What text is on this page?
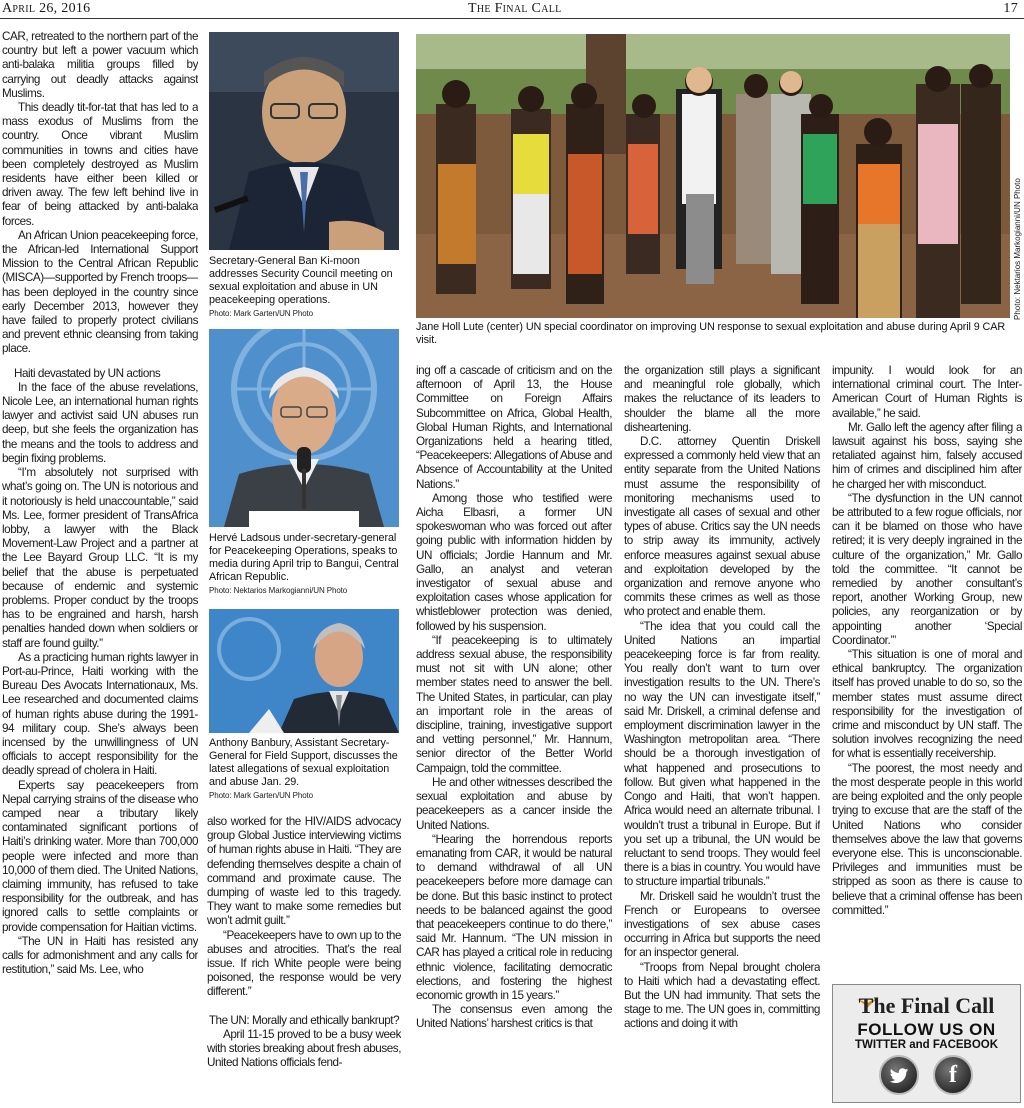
April 26, 2016	The Final Call	17

CAR, retreated to the northern part of the country but left a power vacuum which anti-balaka militia groups filled by carrying out deadly attacks against Muslims.

This deadly tit-for-tat that has led to a mass exodus of Muslims from the country. Once vibrant Muslim communities in towns and cities have been completely destroyed as Muslim residents have either been killed or driven away. The few left behind live in fear of being attacked by anti-balaka forces.

An African Union peacekeeping force, the African-led International Support Mission to the Central African Republic (MISCA)—supported by French troops—has been deployed in the country since early December 2013, however they have failed to properly protect civilians and prevent ethnic cleansing from taking place.

Haiti devastated by UN actions

In the face of the abuse revelations, Nicole Lee, an international human rights lawyer and activist said UN abuses run deep, but she feels the organization has the means and the tools to address and begin fixing problems.

“I’m absolutely not surprised with what’s going on. The UN is notorious and it notoriously is held unaccountable,” said Ms. Lee, former president of TransAfrica lobby, a lawyer with the Black Movement-Law Project and a partner at the Lee Bayard Group LLC. “It is my belief that the abuse is perpetuated because of endemic and systemic problems. Proper conduct by the troops has to be engrained and harsh, harsh penalties handed down when soldiers or staff are found guilty.”

As a practicing human rights lawyer in Port-au-Prince, Haiti working with the Bureau Des Avocats Internationaux, Ms. Lee researched and documented claims of human rights abuse during the 1991-94 military coup. She’s always been incensed by the unwillingness of UN officials to accept responsibility for the deadly spread of cholera in Haiti.

Experts say peacekeepers from Nepal carrying strains of the disease who camped near a tributary likely contaminated significant portions of Haiti’s drinking water. More than 700,000 people were infected and more than 10,000 of them died. The United Nations, claiming immunity, has refused to take responsibility for the outbreak, and has ignored calls to settle complaints or provide compensation for Haitian victims.

“The UN in Haiti has resisted any calls for admonishment and any calls for restitution,” said Ms. Lee, who

Secretary-General Ban Ki-moon addresses Security Council meeting on sexual exploitation and abuse in UN peacekeeping operations.
Photo: Mark Garten/UN Photo
Hervé Ladsous under-secretary-general for Peacekeeping Operations, speaks to media during April trip to Bangui, Central African Republic.
Photo: Nektarios Markogianni/UN Photo
Anthony Banbury, Assistant Secretary-General for Field Support, discusses the latest allegations of sexual exploitation and abuse Jan. 29.
Photo: Mark Garten/UN Photo

also worked for the HIV/AIDS advocacy group Global Justice interviewing victims of human rights abuse in Haiti. “They are defending themselves despite a chain of command and proximate cause. The dumping of waste led to this tragedy. They want to make some remedies but won’t admit guilt.”

“Peacekeepers have to own up to the abuses and atrocities. That’s the real issue. If rich White people were being poisoned, the response would be very different.”

The UN: Morally and ethically bankrupt?

April 11-15 proved to be a busy week with stories breaking about fresh abuses, United Nations officials fend-

Jane Holl Lute (center) UN special coordinator on improving UN response to sexual exploitation and abuse during April 9 CAR visit.
Photo: Nektarios Markogianni/UN Photo

ing off a cascade of criticism and on the afternoon of April 13, the House Committee on Foreign Affairs Subcommittee on Africa, Global Health, Global Human Rights, and International Organizations held a hearing titled, “Peacekeepers: Allegations of Abuse and Absence of Accountability at the United Nations.”

Among those who testified were Aicha Elbasri, a former UN spokeswoman who was forced out after going public with information hidden by UN officials; Jordie Hannum and Mr. Gallo, an analyst and veteran investigator of sexual abuse and exploitation cases whose application for whistleblower protection was denied, followed by his suspension.

“If peacekeeping is to ultimately address sexual abuse, the responsibility must not sit with UN alone; other member states need to answer the bell. The United States, in particular, can play an important role in the areas of discipline, training, investigative support and vetting personnel,” Mr. Hannum, senior director of the Better World Campaign, told the committee.

He and other witnesses described the sexual exploitation and abuse by peacekeepers as a cancer inside the United Nations.

“Hearing the horrendous reports emanating from CAR, it would be natural to demand withdrawal of all UN peacekeepers before more damage can be done. But this basic instinct to protect needs to be balanced against the good that peacekeepers continue to do there,” said Mr. Hannum. “The UN mission in CAR has played a critical role in reducing ethnic violence, facilitating democratic elections, and fostering the highest economic growth in 15 years.”

The consensus even among the United Nations’ harshest critics is that

the organization still plays a significant and meaningful role globally, which makes the reluctance of its leaders to shoulder the blame all the more disheartening.

D.C. attorney Quentin Driskell expressed a commonly held view that an entity separate from the United Nations must assume the responsibility of monitoring mechanisms used to investigate all cases of sexual and other types of abuse. Critics say the UN needs to strip away its immunity, actively enforce measures against sexual abuse and exploitation developed by the organization and remove anyone who commits these crimes as well as those who protect and enable them.

“The idea that you could call the United Nations an impartial peacekeeping force is far from reality. You really don’t want to turn over investigation results to the UN. There’s no way the UN can investigate itself,” said Mr. Driskell, a criminal defense and employment discrimination lawyer in the Washington metropolitan area. “There should be a thorough investigation of what happened and prosecutions to follow. But given what happened in the Congo and Haiti, that won’t happen. Africa would need an alternate tribunal. I wouldn’t trust a tribunal in Europe. But if you set up a tribunal, the UN would be reluctant to send troops. They would feel there is a bias in country. You would have to structure impartial tribunals.”

Mr. Driskell said he wouldn’t trust the French or Europeans to oversee investigations of sex abuse cases occurring in Africa but supports the need for an inspector general.

“Troops from Nepal brought cholera to Haiti which had a devastating effect. But the UN had immunity. That sets the stage to me. The UN goes in, committing actions and doing it with

impunity. I would look for an international criminal court. The Inter-American Court of Human Rights is available,” he said.

Mr. Gallo left the agency after filing a lawsuit against his boss, saying she retaliated against him, falsely accused him of crimes and disciplined him after he charged her with misconduct.

“The dysfunction in the UN cannot be attributed to a few rogue officials, nor can it be blamed on those who have retired; it is very deeply ingrained in the culture of the organization,” Mr. Gallo told the committee. “It cannot be remedied by another consultant’s report, another Working Group, new policies, any reorganization or by appointing another ‘Special Coordinator.’”

“This situation is one of moral and ethical bankruptcy. The organization itself has proved unable to do so, so the member states must assume direct responsibility for the investigation of crime and misconduct by UN staff. The solution involves recognizing the need for what is essentially receivership.

“The poorest, the most needy and the most desperate people in this world are being exploited and the only people trying to excuse that are the staff of the United Nations who consider themselves above the law that governs everyone else. This is unconscionable. Privileges and immunities must be stripped as soon as there is cause to believe that a criminal offense has been committed.”

The Final Call
FOLLOW US ON
TWITTER and FACEBOOK
f
